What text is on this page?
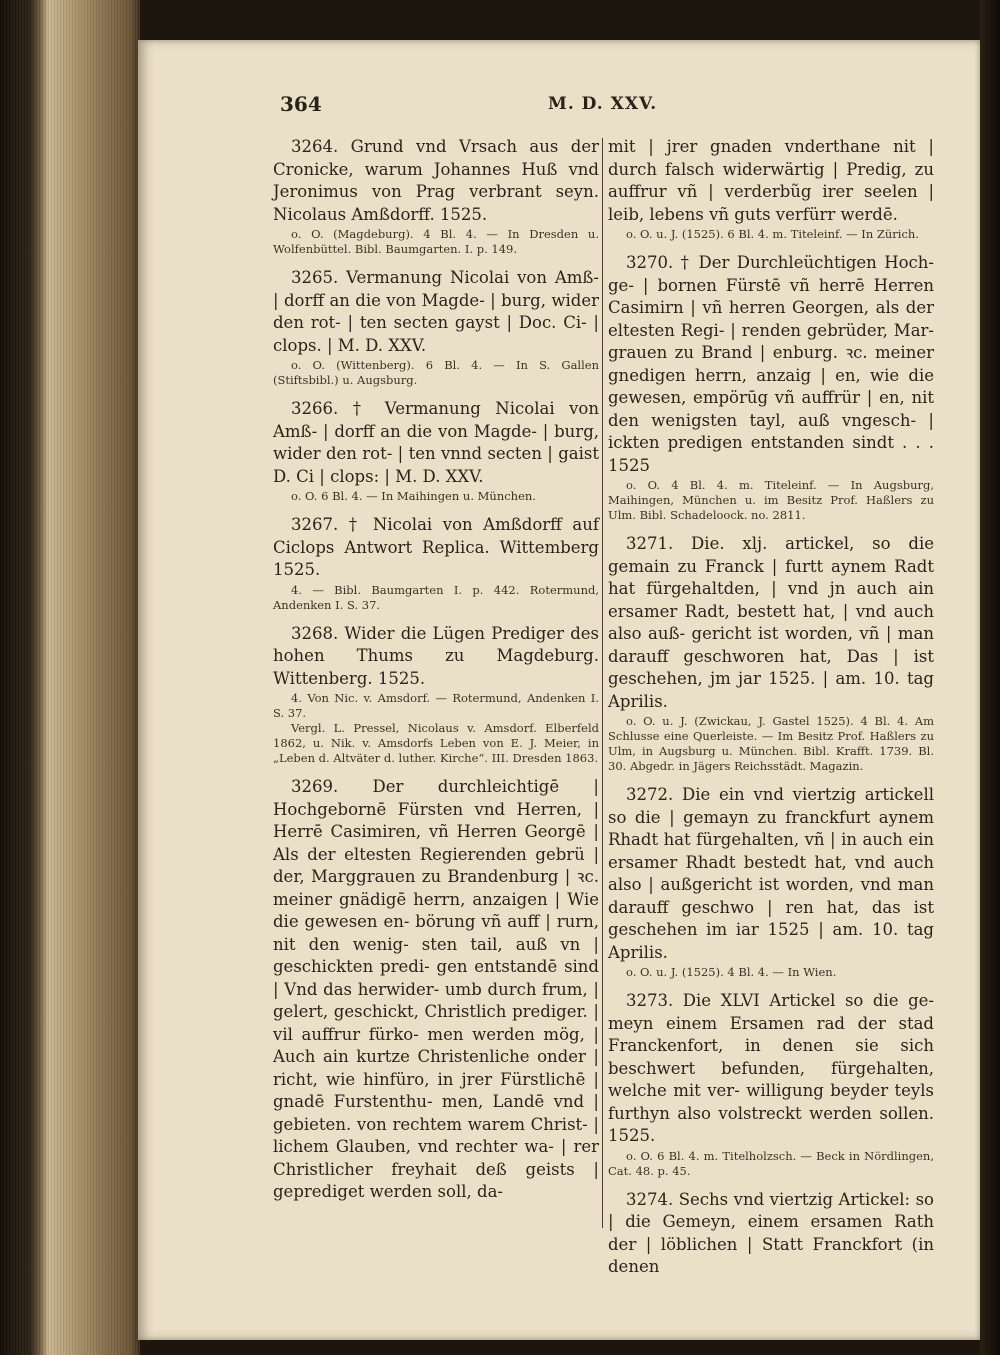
364	M. D. XXV.

3264. Grund vnd Vrsach aus der Cronicke, warum Johannes Huß vnd Jeronimus von Prag verbrant seyn. Nicolaus Amßdorff. 1525.

o. O. (Magdeburg). 4 Bl. 4. — In Dresden u. Wolfenbüttel. Bibl. Baumgarten. I. p. 149.

3265. Vermanung Nicolai von Amß- | dorff an die von Magde- | burg, wider den rot- | ten secten gayst | Doc. Ci- | clops. | M. D. XXV.

o. O. (Wittenberg). 6 Bl. 4. — In S. Gallen (Stiftsbibl.) u. Augsburg.

3266. † Vermanung Nicolai von Amß- | dorff an die von Magde- | burg, wider den rot- | ten vnnd secten | gaist D. Ci | clops: | M. D. XXV.

o. O. 6 Bl. 4. — In Maihingen u. München.

3267. † Nicolai von Amßdorff auf Ciclops Antwort Replica. Wittemberg 1525.

4. — Bibl. Baumgarten I. p. 442. Rotermund, Andenken I. S. 37.

3268. Wider die Lügen Prediger des hohen Thums zu Magdeburg. Wittenberg. 1525.

4. Von Nic. v. Amsdorf. — Rotermund, Andenken I. S. 37.

Vergl. L. Pressel, Nicolaus v. Amsdorf. Elberfeld 1862, u. Nik. v. Amsdorfs Leben von E. J. Meier, in „Leben d. Altväter d. luther. Kirche“. III. Dresden 1863.

3269. Der durchleichtigē | Hochgebornē Fürsten vnd Herren, | Herrē Casimiren, vñ Herren Georgē | Als der eltesten Regierenden gebrü | der, Marggrauen zu Brandenburg | ꝛc. meiner gnädigē herrn, anzaigen | Wie die gewesen en- börung vñ auff | rurn, nit den wenig- sten tail, auß vn | geschickten predi- gen entstandē sind | Vnd das herwider- umb durch frum, | gelert, geschickt, Christlich prediger. | vil auffrur fürko- men werden mög, | Auch ain kurtze Christenliche onder | richt, wie hinfüro, in jrer Fürstlichē | gnadē Furstenthu- men, Landē vnd | gebieten. von rechtem warem Christ- | lichem Glauben, vnd rechter wa- | rer Christlicher freyhait deß geists | geprediget werden soll, da-

mit | jrer gnaden vnderthane nit | durch falsch widerwärtig | Predig, zu auffrur vñ | verderbũg irer seelen | leib, lebens vñ guts verfürr werdē.

o. O. u. J. (1525). 6 Bl. 4. m. Titeleinf. — In Zürich.

3270. † Der Durchleüchtigen Hoch- ge- | bornen Fürstē vñ herrē Herren Casimirn | vñ herren Georgen, als der eltesten Regi- | renden gebrüder, Mar- grauen zu Brand | enburg. ꝛc. meiner gnedigen herrn, anzaig | en, wie die gewesen, empörūg vñ auffrür | en, nit den wenigsten tayl, auß vngesch- | ickten predigen entstanden sindt . . . 1525

o. O. 4 Bl. 4. m. Titeleinf. — In Augsburg, Maihingen, München u. im Besitz Prof. Haßlers zu Ulm. Bibl. Schadeloock. no. 2811.

3271. Die. xlj. artickel, so die gemain zu Franck | furtt aynem Radt hat fürgehaltden, | vnd jn auch ain ersamer Radt, bestett hat, | vnd auch also auß- gericht ist worden, vñ | man darauff geschworen hat, Das | ist geschehen, jm jar 1525. | am. 10. tag Aprilis.

o. O. u. J. (Zwickau, J. Gastel 1525). 4 Bl. 4. Am Schlusse eine Querleiste. — Im Besitz Prof. Haßlers zu Ulm, in Augsburg u. München. Bibl. Krafft. 1739. Bl. 30. Abgedr. in Jägers Reichsstädt. Magazin.

3272. Die ein vnd viertzig artickell so die | gemayn zu franckfurt aynem Rhadt hat fürgehalten, vñ | in auch ein ersamer Rhadt bestedt hat, vnd auch also | außgericht ist worden, vnd man darauff geschwo | ren hat, das ist geschehen im iar 1525 | am. 10. tag Aprilis.

o. O. u. J. (1525). 4 Bl. 4. — In Wien.

3273. Die XLVI Artickel so die ge- meyn einem Ersamen rad der stad Franckenfort, in denen sie sich beschwert befunden, fürgehalten, welche mit ver- willigung beyder teyls furthyn also volstreckt werden sollen. 1525.

o. O. 6 Bl. 4. m. Titelholzsch. — Beck in Nördlingen, Cat. 48. p. 45.

3274. Sechs vnd viertzig Artickel: so | die Gemeyn, einem ersamen Rath der | löblichen | Statt Franckfort (in denen
